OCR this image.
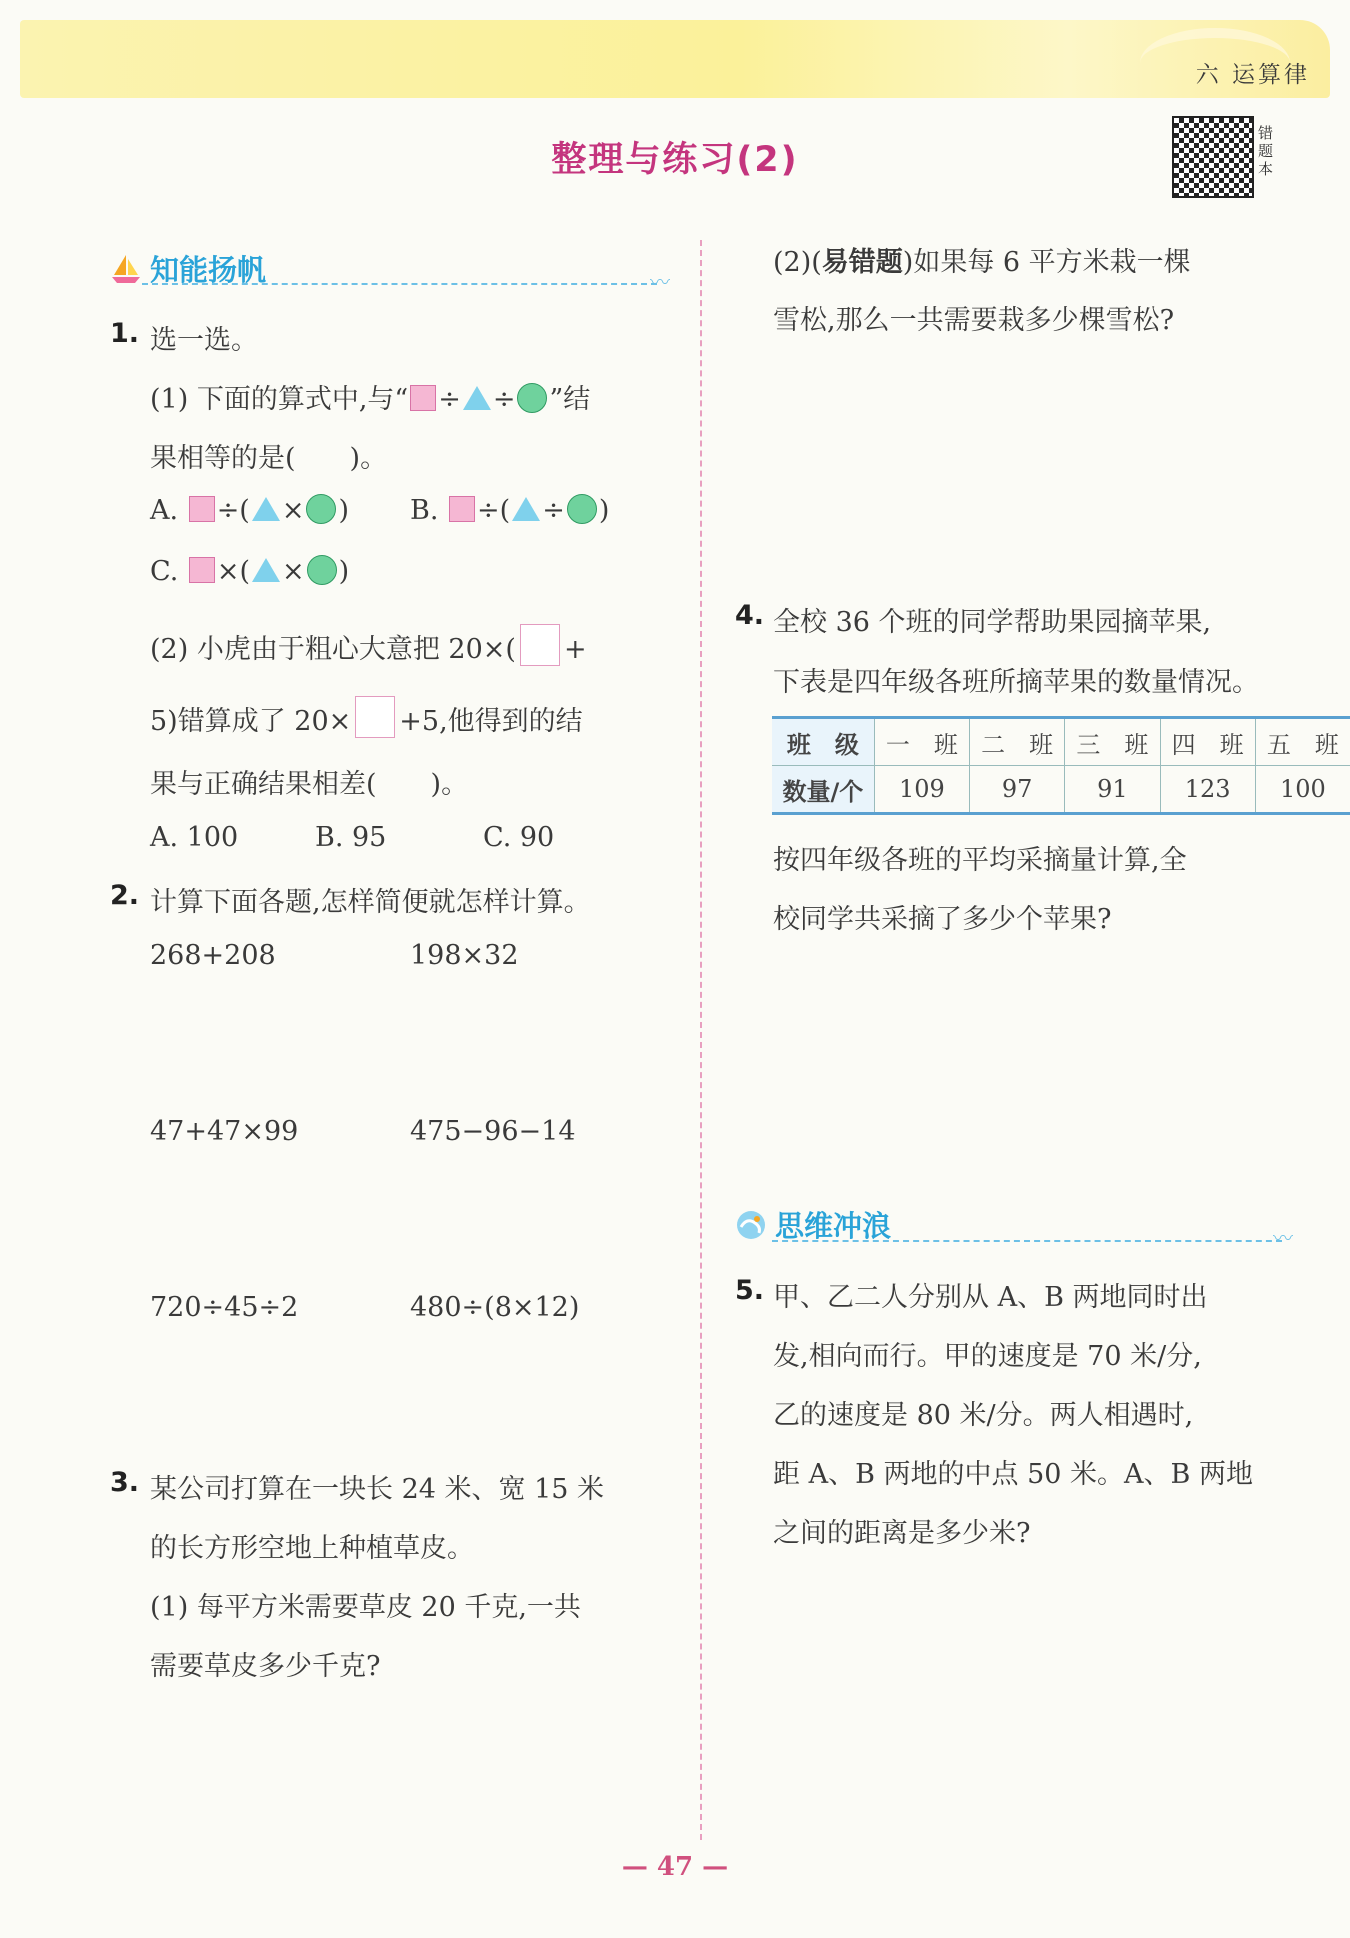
六 运算律
整理与练习(2)
错题本
知能扬帆	〰
1. 选一选。
(1) 下面的算式中,与“ ÷ ÷ ”结
果相等的是(　　)。
A. ÷( × ) B. ÷( ÷ )
C. ×( × )
(2) 小虎由于粗心大意把 20×( +
5)错算成了 20× +5,他得到的结
果与正确结果相差(　　)。
A. 100	B. 95	C. 90
2. 计算下面各题,怎样简便就怎样计算。
268+208	198×32
47+47×99	475−96−14
720÷45÷2	480÷(8×12)
3. 某公司打算在一块长 24 米、宽 15 米
的长方形空地上种植草皮。
(1) 每平方米需要草皮 20 千克,一共
需要草皮多少千克?
(2)(易错题)如果每 6 平方米栽一棵
雪松,那么一共需要栽多少棵雪松?
4. 全校 36 个班的同学帮助果园摘苹果,
下表是四年级各班所摘苹果的数量情况。
班　级	一　班	二　班	三　班	四　班	五　班
数量/个	109	97	91	123	100
按四年级各班的平均采摘量计算,全
校同学共采摘了多少个苹果?
思维冲浪	〰
5. 甲、乙二人分别从 A、B 两地同时出
发,相向而行。甲的速度是 70 米/分,
乙的速度是 80 米/分。两人相遇时,
距 A、B 两地的中点 50 米。A、B 两地
之间的距离是多少米?
— 47 —
